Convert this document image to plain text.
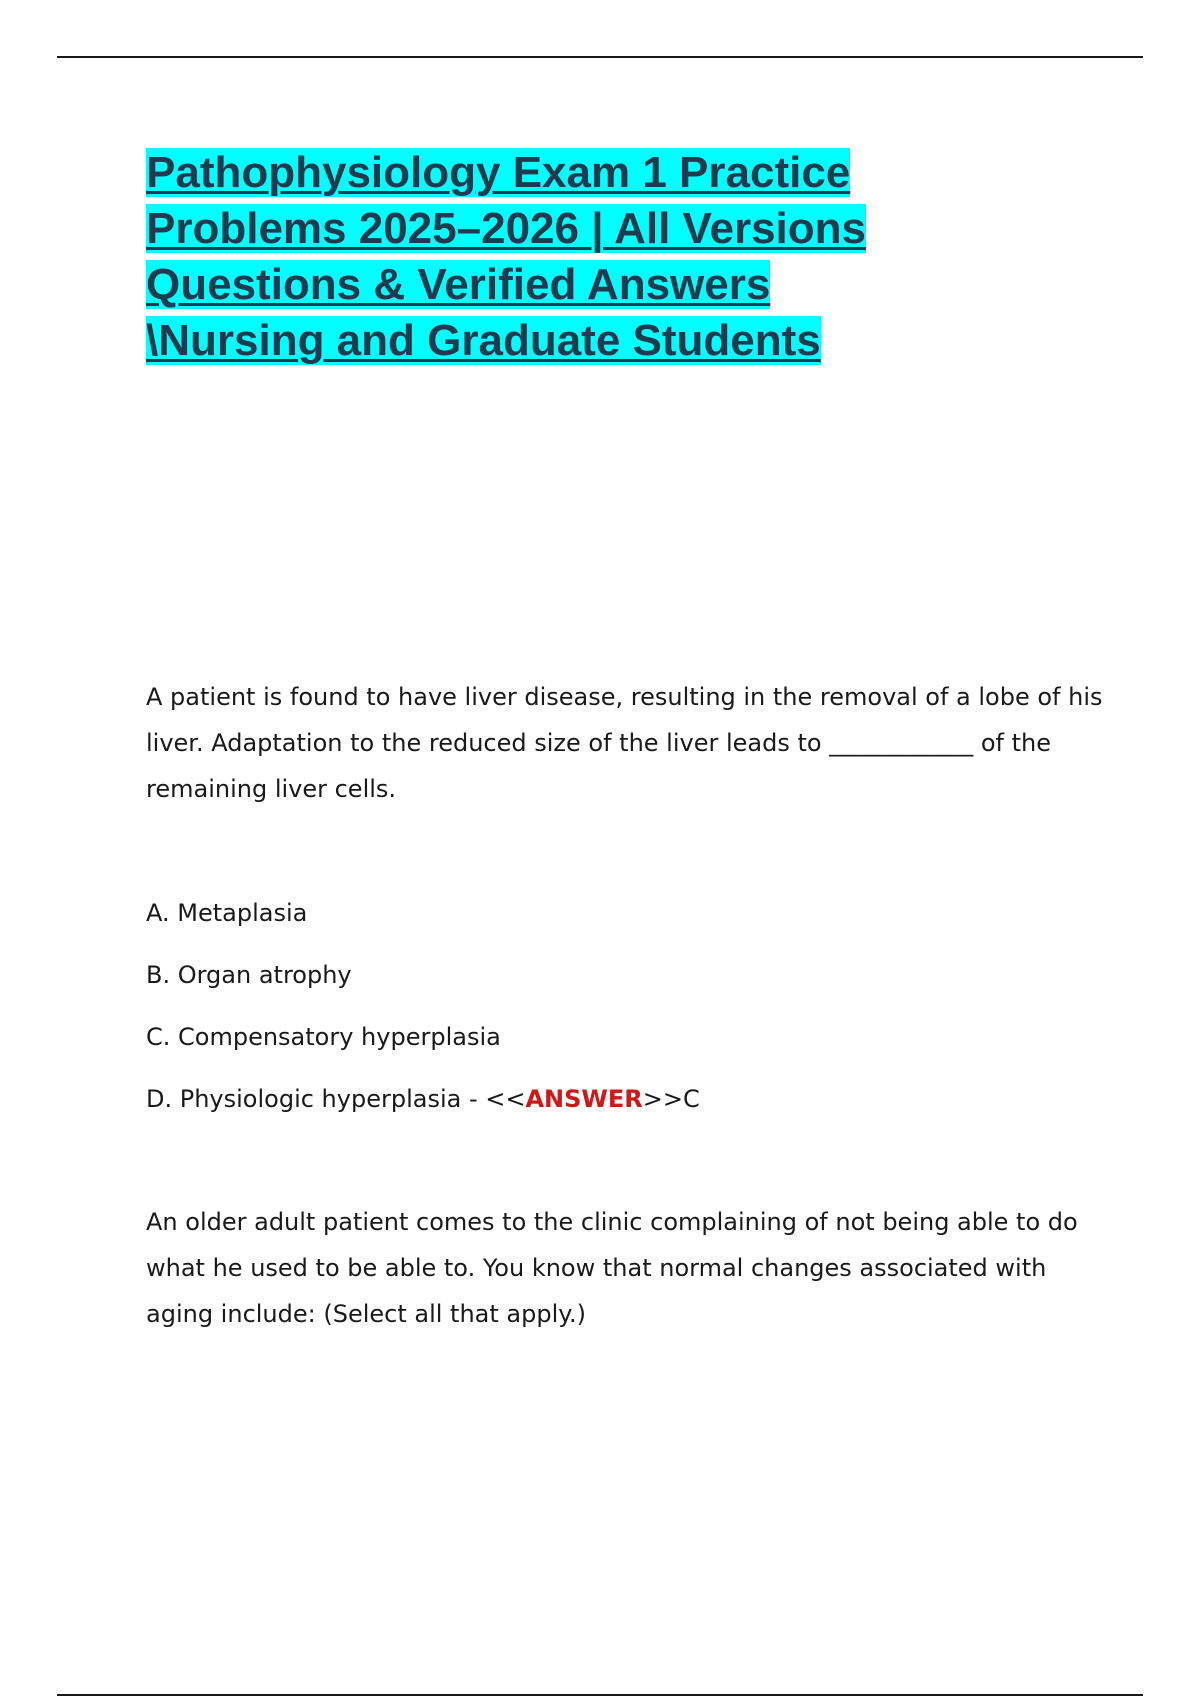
Pathophysiology Exam 1 Practice
Problems 2025–2026 | All Versions
Questions & Verified Answers
\Nursing and Graduate Students

A patient is found to have liver disease, resulting in the removal of a lobe of his liver. Adaptation to the reduced size of the liver leads to ____________ of the remaining liver cells.

A. Metaplasia
B. Organ atrophy
C. Compensatory hyperplasia
D. Physiologic hyperplasia - <<ANSWER>>C

An older adult patient comes to the clinic complaining of not being able to do what he used to be able to. You know that normal changes associated with aging include: (Select all that apply.)
